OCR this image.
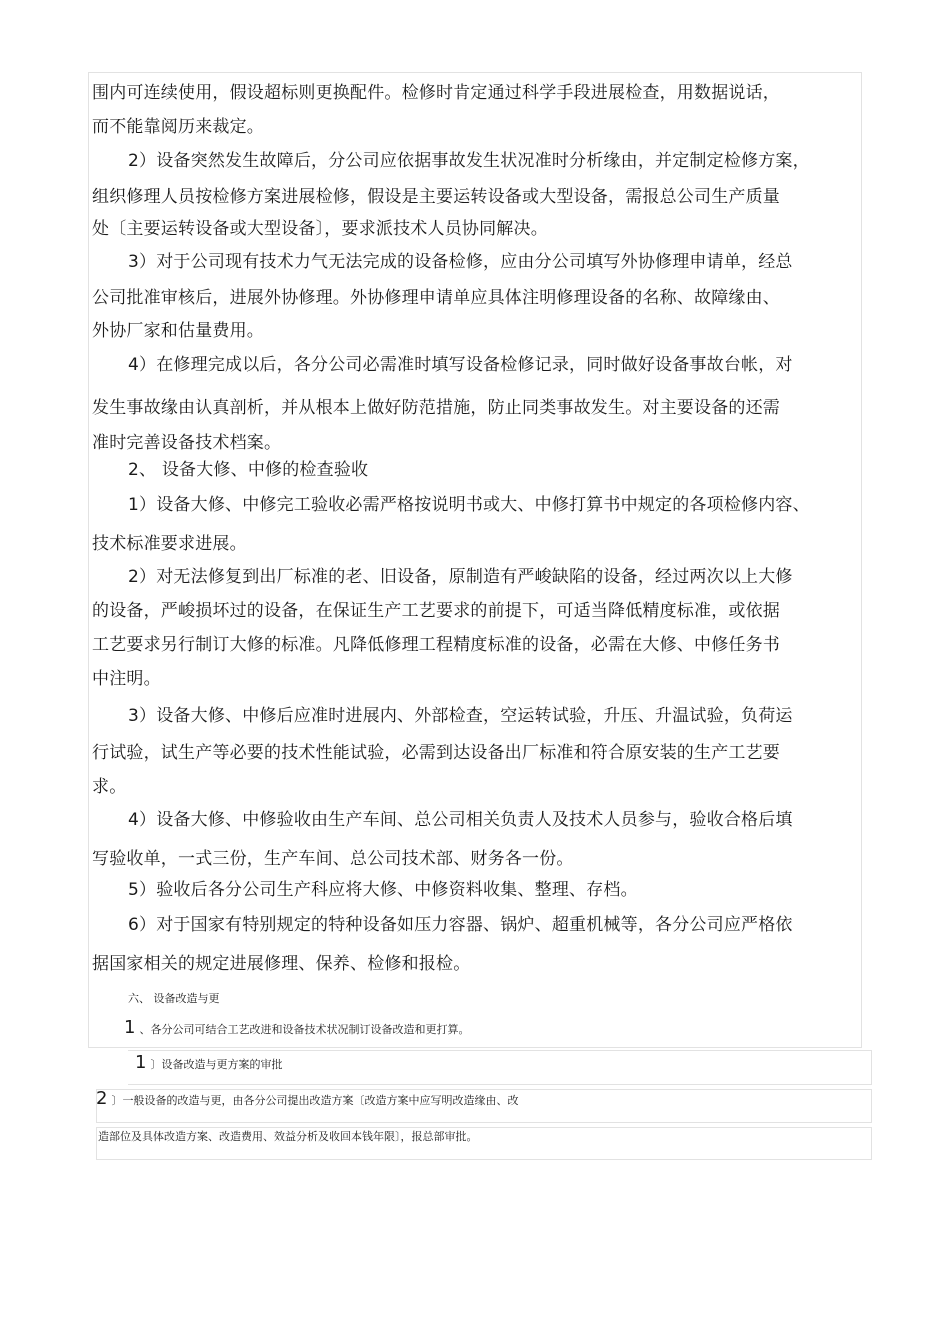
围内可连续使用，假设超标则更换配件。检修时肯定通过科学手段进展检查，用数据说话，
而不能靠阅历来裁定。
2）设备突然发生故障后，分公司应依据事故发生状况准时分析缘由，并定制定检修方案，
组织修理人员按检修方案进展检修，假设是主要运转设备或大型设备，需报总公司生产质量
处〔主要运转设备或大型设备〕，要求派技术人员协同解决。
3）对于公司现有技术力气无法完成的设备检修，应由分公司填写外协修理申请单，经总
公司批准审核后，进展外协修理。外协修理申请单应具体注明修理设备的名称、故障缘由、
外协厂家和估量费用。
4）在修理完成以后，各分公司必需准时填写设备检修记录，同时做好设备事故台帐，对
发生事故缘由认真剖析，并从根本上做好防范措施，防止同类事故发生。对主要设备的还需
准时完善设备技术档案。
2、 设备大修、中修的检查验收
1）设备大修、中修完工验收必需严格按说明书或大、中修打算书中规定的各项检修内容、
技术标准要求进展。
2）对无法修复到出厂标准的老、旧设备，原制造有严峻缺陷的设备，经过两次以上大修
的设备，严峻损坏过的设备，在保证生产工艺要求的前提下，可适当降低精度标准，或依据
工艺要求另行制订大修的标准。凡降低修理工程精度标准的设备，必需在大修、中修任务书
中注明。
3）设备大修、中修后应准时进展内、外部检查，空运转试验，升压、升温试验，负荷运
行试验，试生产等必要的技术性能试验，必需到达设备出厂标准和符合原安装的生产工艺要
求。
4）设备大修、中修验收由生产车间、总公司相关负责人及技术人员参与，验收合格后填
写验收单，一式三份，生产车间、总公司技术部、财务各一份。
5）验收后各分公司生产科应将大修、中修资料收集、整理、存档。
6）对于国家有特别规定的特种设备如压力容器、锅炉、超重机械等，各分公司应严格依
据国家相关的规定进展修理、保养、检修和报检。
六、 设备改造与更
1 、各分公司可结合工艺改进和设备技术状况制订设备改造和更打算。
1 〕设备改造与更方案的审批
2 〕一般设备的改造与更，由各分公司提出改造方案〔改造方案中应写明改造缘由、改
造部位及具体改造方案、改造费用、效益分析及收回本钱年限〕，报总部审批。
